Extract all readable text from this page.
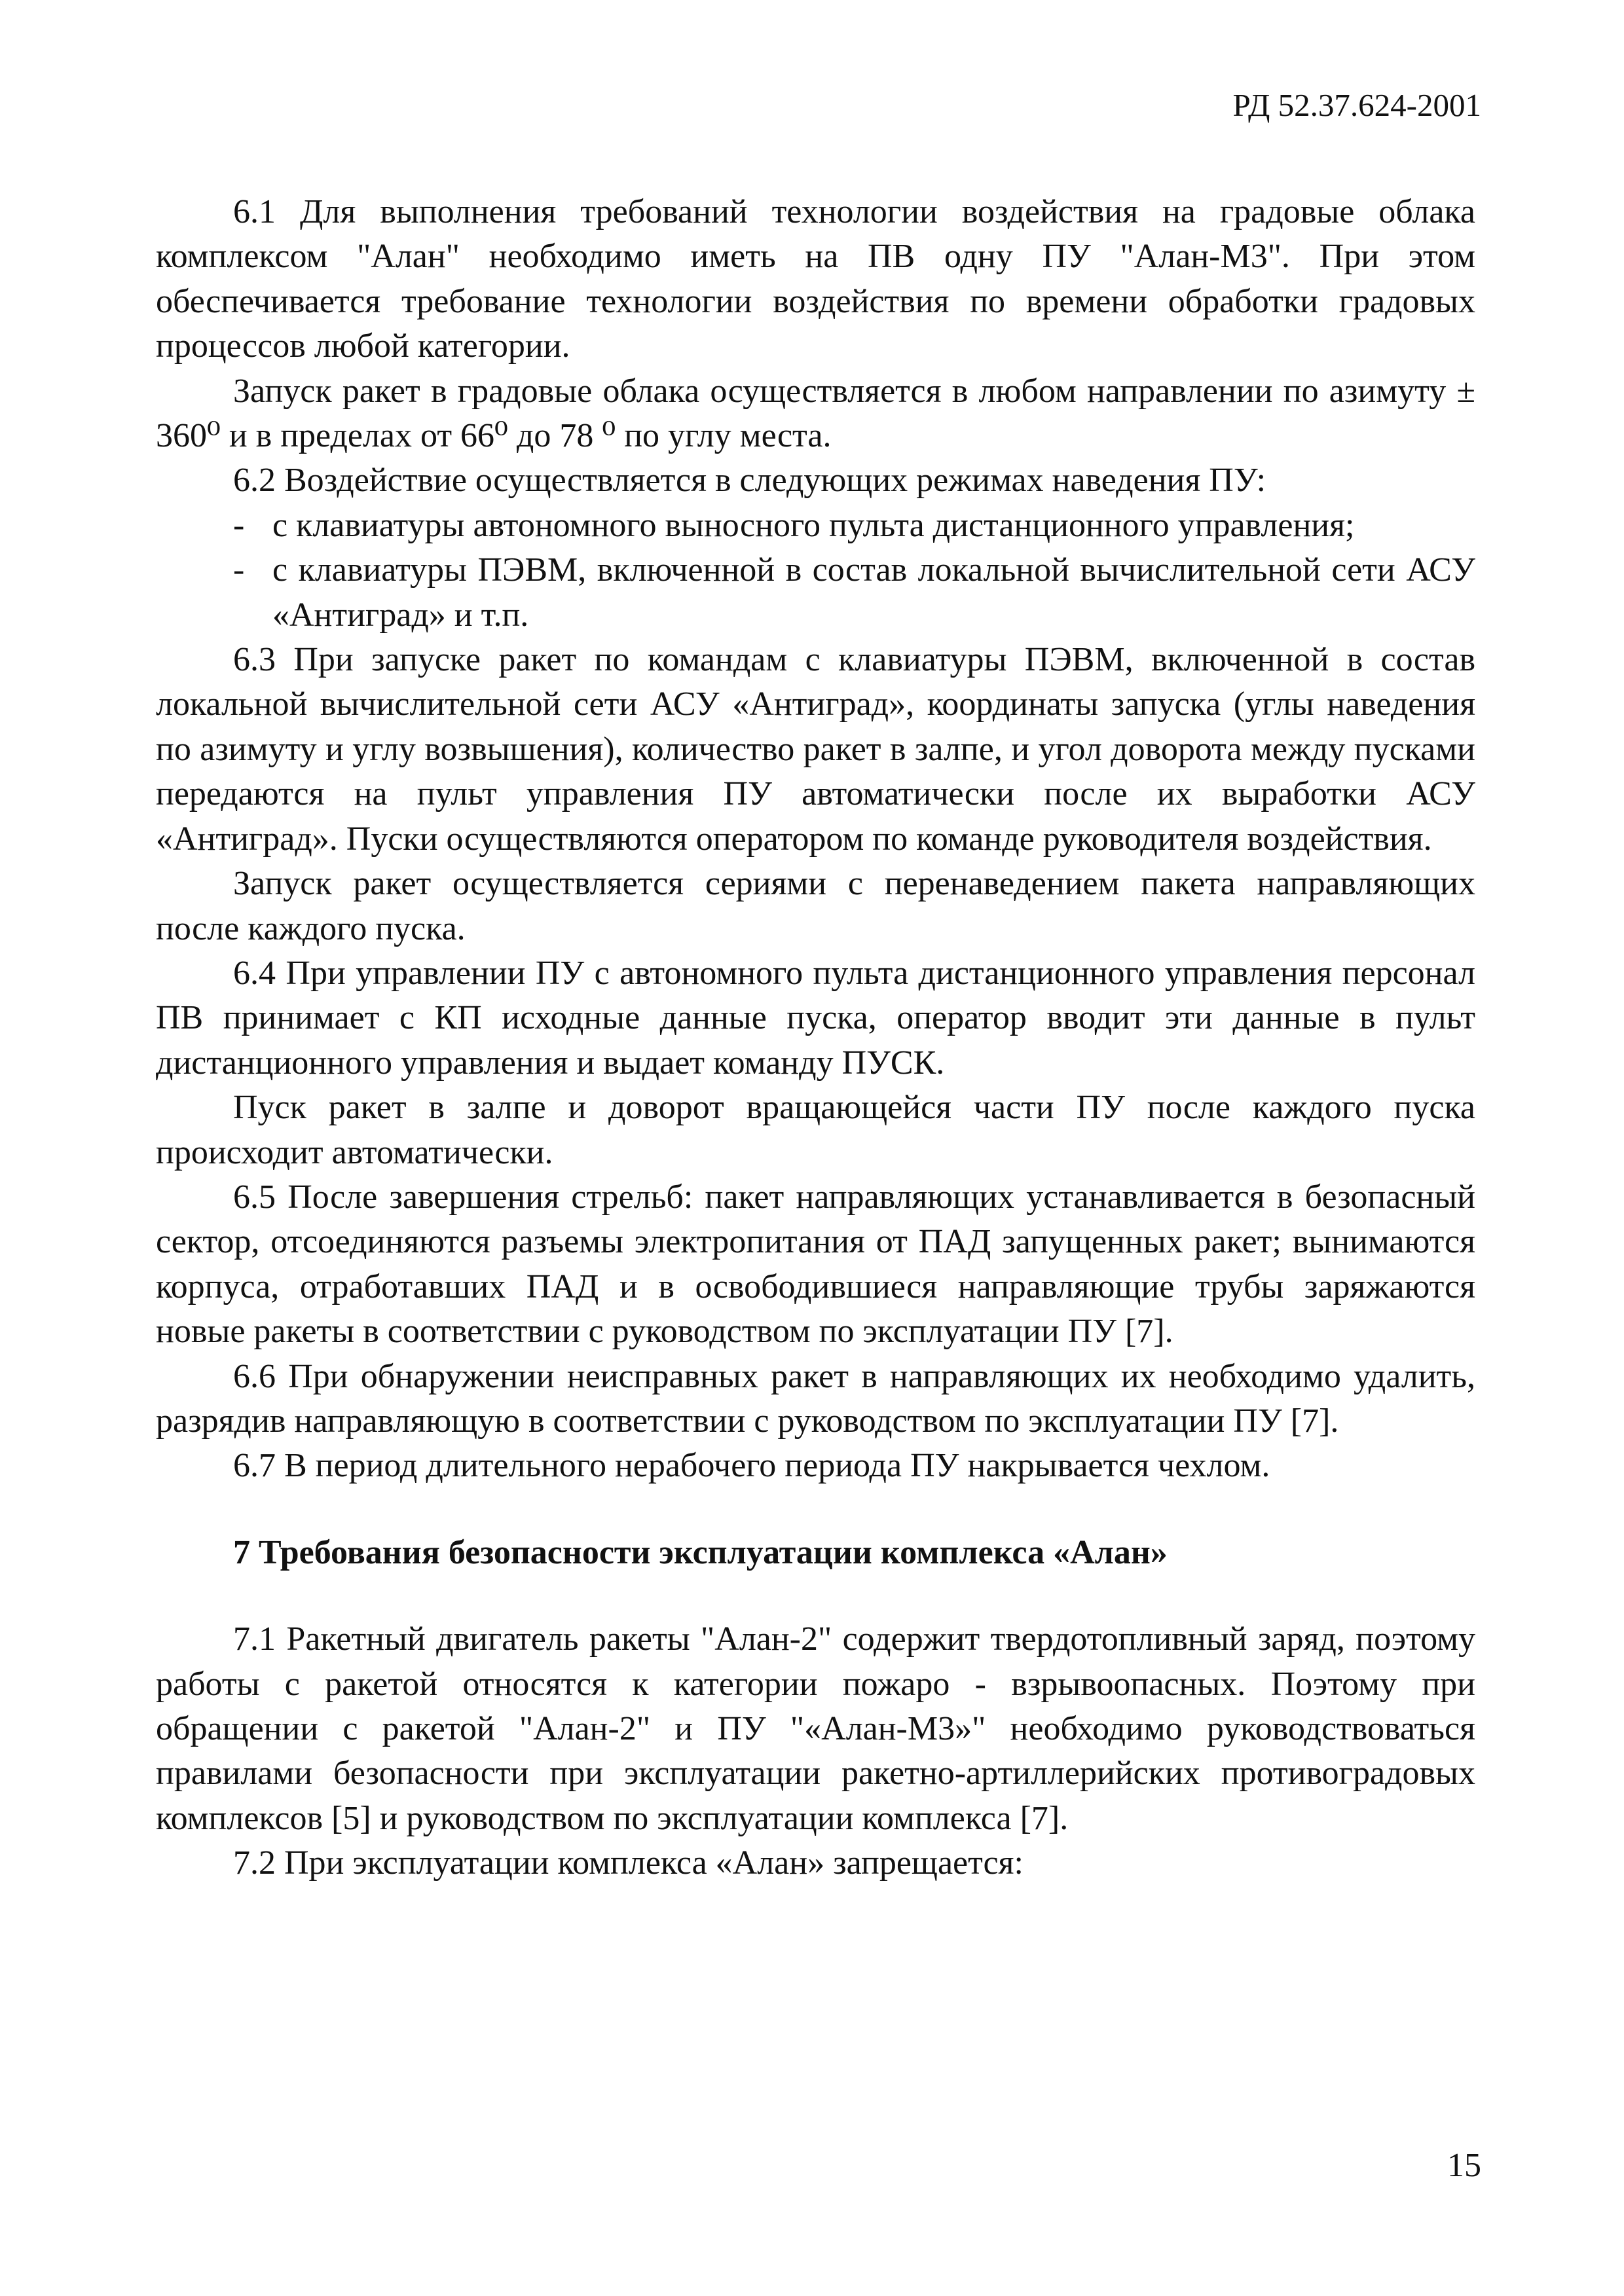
РД 52.37.624-2001

6.1 Для выполнения требований технологии воздействия на градовые облака комплексом "Алан" необходимо иметь на ПВ одну ПУ "Алан-М3". При этом обеспечивается требование технологии воздействия по времени обработки градовых процессов любой категории.

Запуск ракет в градовые облака осуществляется в любом направлении по азимуту ± 360⁰ и в пределах от 66⁰ до 78 ⁰ по углу места.

6.2 Воздействие осуществляется в следующих режимах наведения ПУ:

- с клавиатуры автономного выносного пульта дистанционного управления;
- с клавиатуры ПЭВМ, включенной в состав локальной вычислительной сети АСУ «Антиград» и т.п.

6.3 При запуске ракет по командам с клавиатуры ПЭВМ, включенной в состав локальной вычислительной сети АСУ «Антиград», координаты запуска (углы наведения по азимуту и углу возвышения), количество ракет в залпе, и угол доворота между пусками передаются на пульт управления ПУ автоматически после их выработки АСУ «Антиград». Пуски осуществляются оператором по команде руководителя воздействия.

Запуск ракет осуществляется сериями с перенаведением пакета направляющих после каждого пуска.

6.4 При управлении ПУ с автономного пульта дистанционного управления персонал ПВ принимает с КП исходные данные пуска, оператор вводит эти данные в пульт дистанционного управления и выдает команду ПУСК.

Пуск ракет в залпе и доворот вращающейся части ПУ после каждого пуска происходит автоматически.

6.5 После завершения стрельб: пакет направляющих устанавливается в безопасный сектор, отсоединяются разъемы электропитания от ПАД запущенных ракет; вынимаются корпуса, отработавших ПАД и в освободившиеся направляющие трубы заряжаются новые ракеты в соответствии с руководством по эксплуатации ПУ [7].

6.6 При обнаружении неисправных ракет в направляющих их необходимо удалить, разрядив направляющую в соответствии с руководством по эксплуатации ПУ [7].

6.7 В период длительного нерабочего периода ПУ накрывается чехлом.

7 Требования безопасности эксплуатации комплекса «Алан»

7.1 Ракетный двигатель ракеты "Алан-2" содержит твердотопливный заряд, поэтому работы с ракетой относятся к категории пожаро - взрывоопасных. Поэтому при обращении с ракетой "Алан-2" и ПУ "«Алан-М3»" необходимо руководствоваться правилами безопасности при эксплуатации ракетно-артиллерийских противоградовых комплексов [5] и руководством по эксплуатации комплекса [7].

7.2 При эксплуатации комплекса «Алан» запрещается:

15
